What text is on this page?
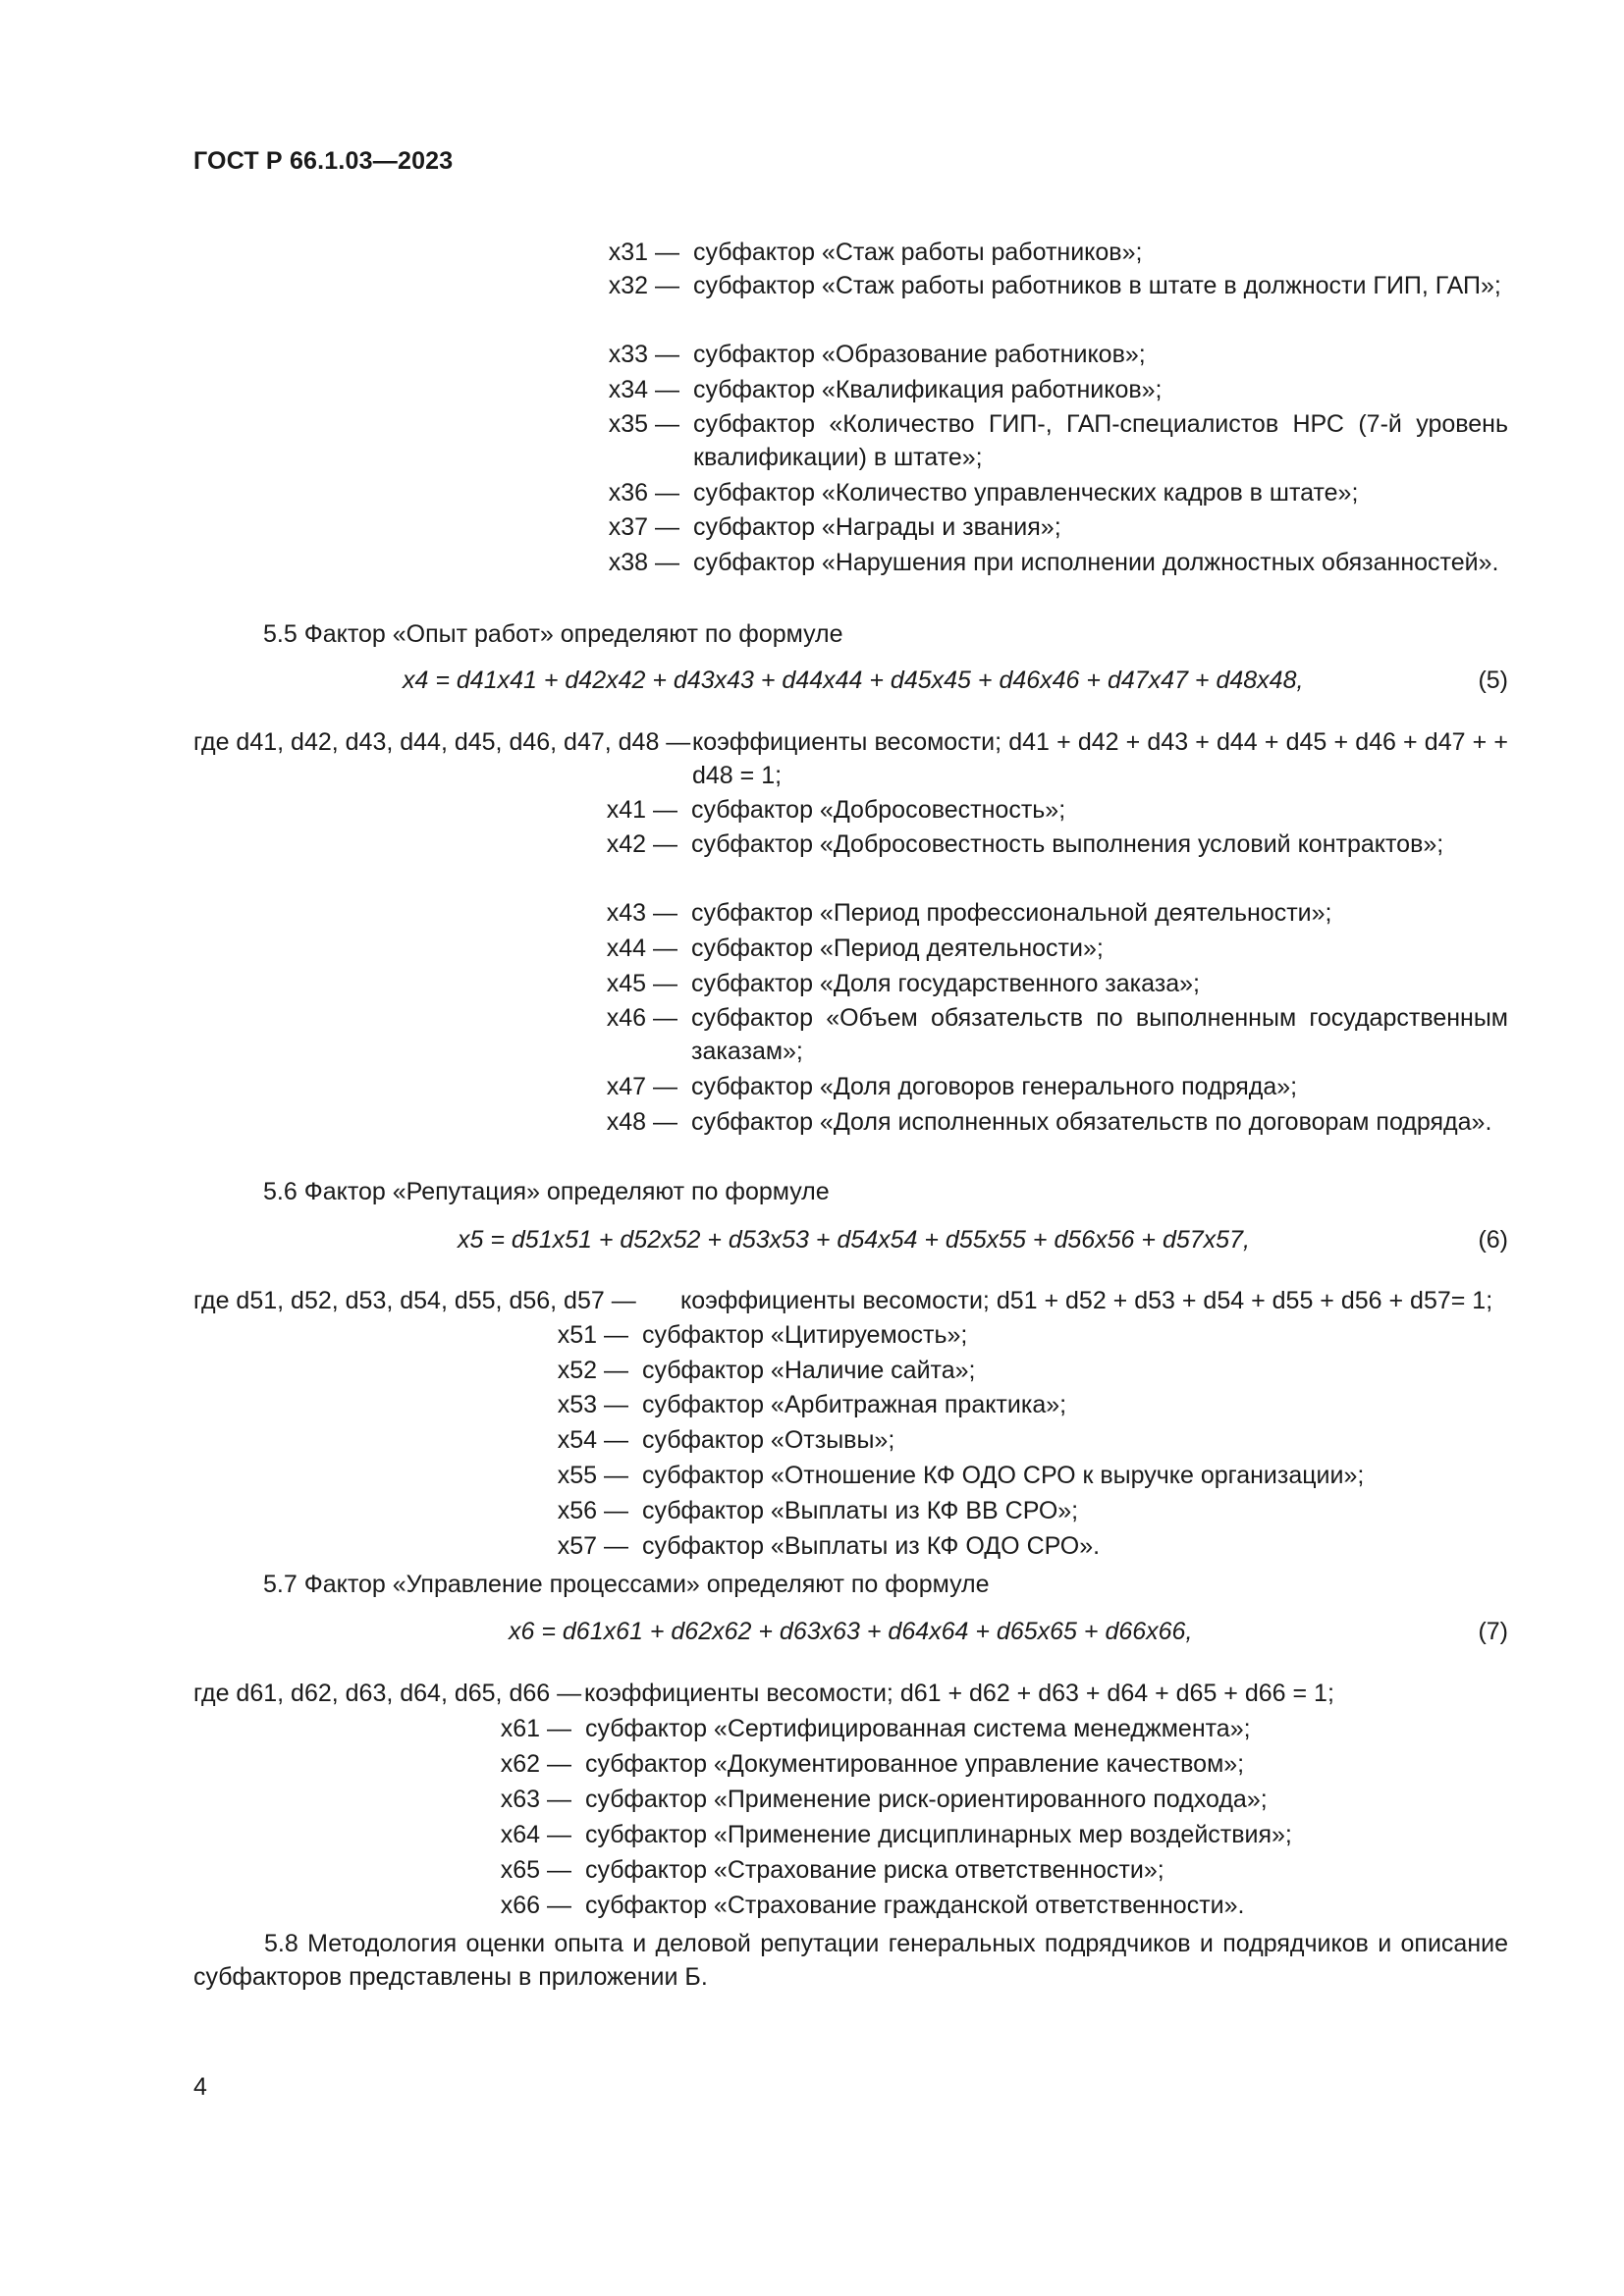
ГОСТ Р 66.1.03—2023
x31 — субфактор «Стаж работы работников»;
x32 — субфактор «Стаж работы работников в штате в должности ГИП, ГАП»;
x33 — субфактор «Образование работников»;
x34 — субфактор «Квалификация работников»;
x35 — субфактор «Количество ГИП-, ГАП-специалистов НРС (7-й уровень квалификации) в штате»;
x36 — субфактор «Количество управленческих кадров в штате»;
x37 — субфактор «Награды и звания»;
x38 — субфактор «Нарушения при исполнении должностных обязанностей».
5.5 Фактор «Опыт работ» определяют по формуле
x4 = d41x41 + d42x42 + d43x43 + d44x44 + d45x45 + d46x46 + d47x47 + d48x48,	(5)
где d41, d42, d43, d44, d45, d46, d47, d48 — коэффициенты весомости; d41 + d42 + d43 + d44 + d45 + d46 + d47 + + d48 = 1;
x41 — субфактор «Добросовестность»;
x42 — субфактор «Добросовестность выполнения условий контрактов»;
x43 — субфактор «Период профессиональной деятельности»;
x44 — субфактор «Период деятельности»;
x45 — субфактор «Доля государственного заказа»;
x46 — субфактор «Объем обязательств по выполненным государственным заказам»;
x47 — субфактор «Доля договоров генерального подряда»;
x48 — субфактор «Доля исполненных обязательств по договорам подряда».
5.6 Фактор «Репутация» определяют по формуле
x5 = d51x51 + d52x52 + d53x53 + d54x54 + d55x55 + d56x56 + d57x57,	(6)
где d51, d52, d53, d54, d55, d56, d57 — коэффициенты весомости; d51 + d52 + d53 + d54 + d55 + d56 + d57= 1;
x51 — субфактор «Цитируемость»;
x52 — субфактор «Наличие сайта»;
x53 — субфактор «Арбитражная практика»;
x54 — субфактор «Отзывы»;
x55 — субфактор «Отношение КФ ОДО СРО к выручке организации»;
x56 — субфактор «Выплаты из КФ ВВ СРО»;
x57 — субфактор «Выплаты из КФ ОДО СРО».
5.7 Фактор «Управление процессами» определяют по формуле
x6 = d61x61 + d62x62 + d63x63 + d64x64 + d65x65 + d66x66,	(7)
где d61, d62, d63, d64, d65, d66 — коэффициенты весомости; d61 + d62 + d63 + d64 + d65 + d66 = 1;
x61 — субфактор «Сертифицированная система менеджмента»;
x62 — субфактор «Документированное управление качеством»;
x63 — субфактор «Применение риск-ориентированного подхода»;
x64 — субфактор «Применение дисциплинарных мер воздействия»;
x65 — субфактор «Страхование риска ответственности»;
x66 — субфактор «Страхование гражданской ответственности».
5.8 Методология оценки опыта и деловой репутации генеральных подрядчиков и подрядчиков и описание субфакторов представлены в приложении Б.
4
